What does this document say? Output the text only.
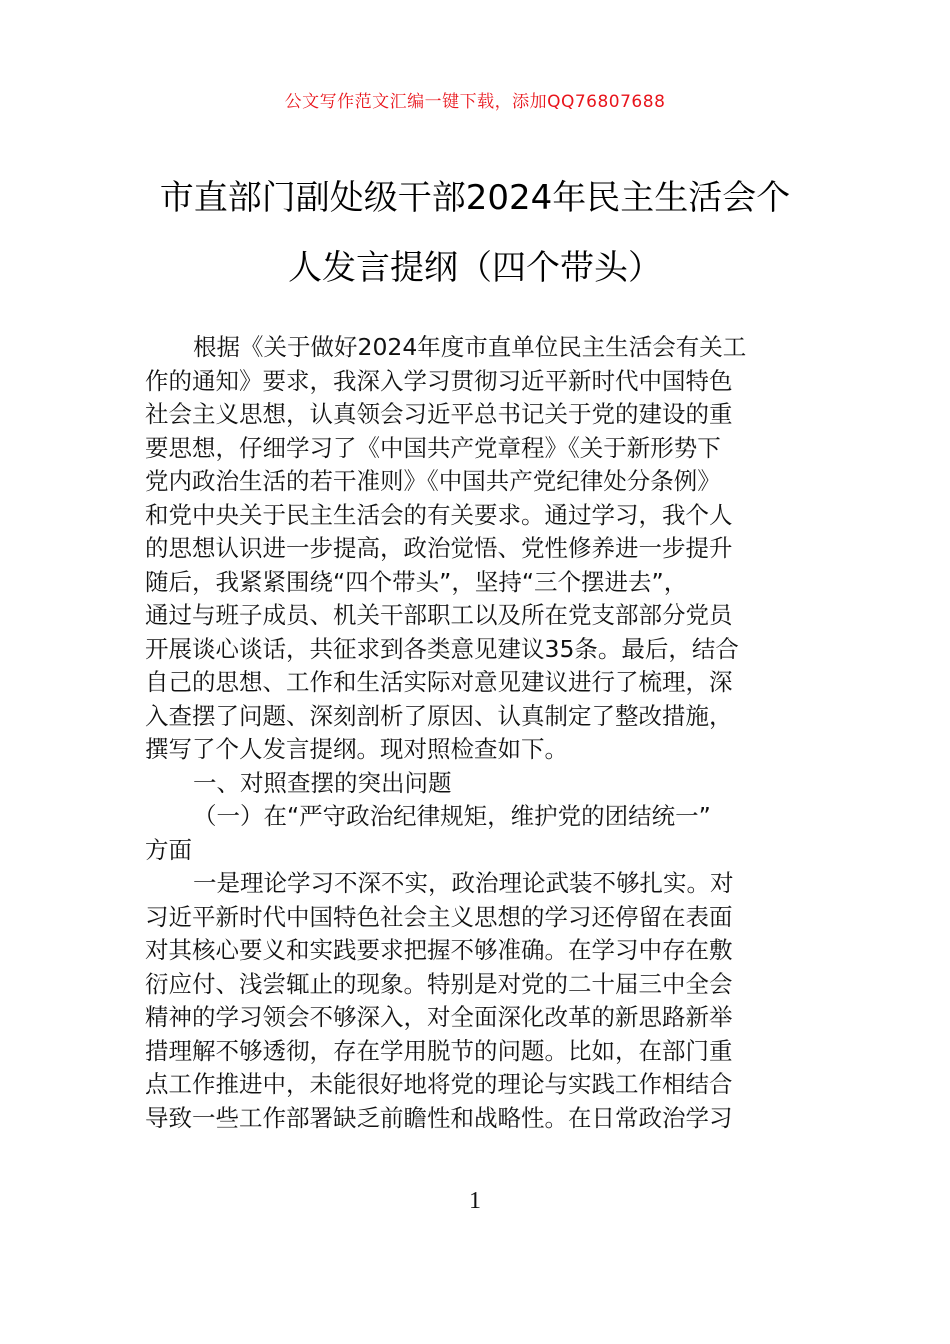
公文写作范文汇编一键下载，添加QQ76807688
市直部门副处级干部2024年民主生活会个
人发言提纲（四个带头）
根据《关于做好2024年度市直单位民主生活会有关工
作的通知》要求，我深入学习贯彻习近平新时代中国特色
社会主义思想，认真领会习近平总书记关于党的建设的重
要思想，仔细学习了《中国共产党章程》《关于新形势下
党内政治生活的若干准则》《中国共产党纪律处分条例》
和党中央关于民主生活会的有关要求。通过学习，我个人
的思想认识进一步提高，政治觉悟、党性修养进一步提升
随后，我紧紧围绕“四个带头”，坚持“三个摆进去”，
通过与班子成员、机关干部职工以及所在党支部部分党员
开展谈心谈话，共征求到各类意见建议35条。最后，结合
自己的思想、工作和生活实际对意见建议进行了梳理，深
入查摆了问题、深刻剖析了原因、认真制定了整改措施，
撰写了个人发言提纲。现对照检查如下。
一、对照查摆的突出问题
（一）在“严守政治纪律规矩，维护党的团结统一”
方面
一是理论学习不深不实，政治理论武装不够扎实。对
习近平新时代中国特色社会主义思想的学习还停留在表面
对其核心要义和实践要求把握不够准确。在学习中存在敷
衍应付、浅尝辄止的现象。特别是对党的二十届三中全会
精神的学习领会不够深入，对全面深化改革的新思路新举
措理解不够透彻，存在学用脱节的问题。比如，在部门重
点工作推进中，未能很好地将党的理论与实践工作相结合
导致一些工作部署缺乏前瞻性和战略性。在日常政治学习
1
